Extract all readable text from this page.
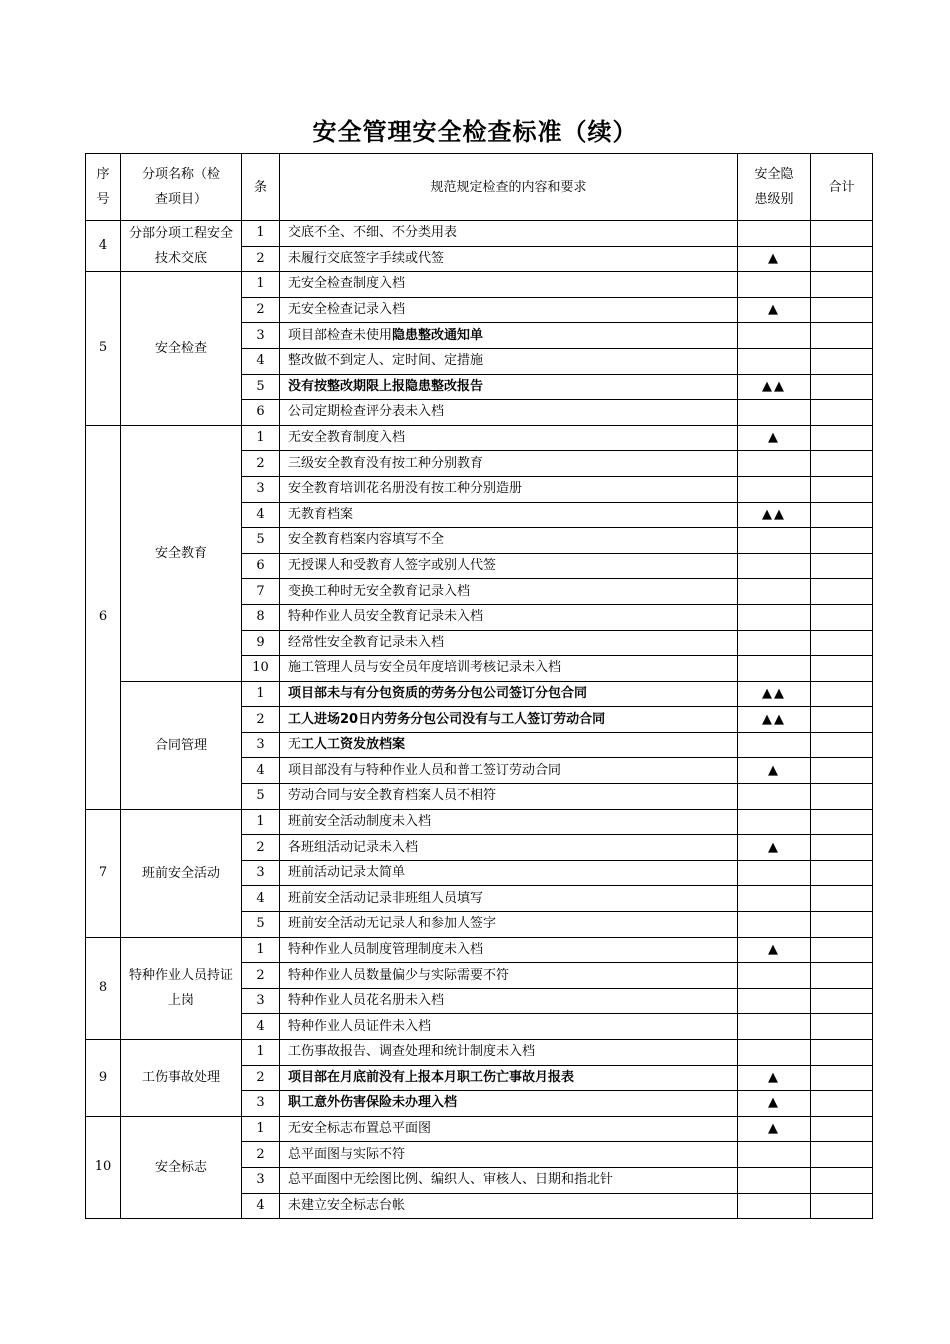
安全管理安全检查标准（续）
序号	分项名称（检查项目）	条	规范规定检查的内容和要求	安全隐患级别	合计
4	分部分项工程安全技术交底	1	交底不全、不细、不分类用表		
		2	未履行交底签字手续或代签	▲	
5	安全检查	1	无安全检查制度入档		
		2	无安全检查记录入档	▲	
		3	项目部检查未使用隐患整改通知单		
		4	整改做不到定人、定时间、定措施		
		5	没有按整改期限上报隐患整改报告	▲▲	
		6	公司定期检查评分表未入档		
6	安全教育	1	无安全教育制度入档	▲	
		2	三级安全教育没有按工种分别教育		
		3	安全教育培训花名册没有按工种分别造册		
		4	无教育档案	▲▲	
		5	安全教育档案内容填写不全		
		6	无授课人和受教育人签字或别人代签		
		7	变换工种时无安全教育记录入档		
		8	特种作业人员安全教育记录未入档		
		9	经常性安全教育记录未入档		
		10	施工管理人员与安全员年度培训考核记录未入档		
	合同管理	1	项目部未与有分包资质的劳务分包公司签订分包合同	▲▲	
		2	工人进场20日内劳务分包公司没有与工人签订劳动合同	▲▲	
		3	无工人工资发放档案		
		4	项目部没有与特种作业人员和普工签订劳动合同	▲	
		5	劳动合同与安全教育档案人员不相符		
7	班前安全活动	1	班前安全活动制度未入档		
		2	各班组活动记录未入档	▲	
		3	班前活动记录太简单		
		4	班前安全活动记录非班组人员填写		
		5	班前安全活动无记录人和参加人签字		
8	特种作业人员持证上岗	1	特种作业人员制度管理制度未入档	▲	
		2	特种作业人员数量偏少与实际需要不符		
		3	特种作业人员花名册未入档		
		4	特种作业人员证件未入档		
9	工伤事故处理	1	工伤事故报告、调查处理和统计制度未入档		
		2	项目部在月底前没有上报本月职工伤亡事故月报表	▲	
		3	职工意外伤害保险未办理入档	▲	
10	安全标志	1	无安全标志布置总平面图	▲	
		2	总平面图与实际不符		
		3	总平面图中无绘图比例、编织人、审核人、日期和指北针		
		4	未建立安全标志台帐		
